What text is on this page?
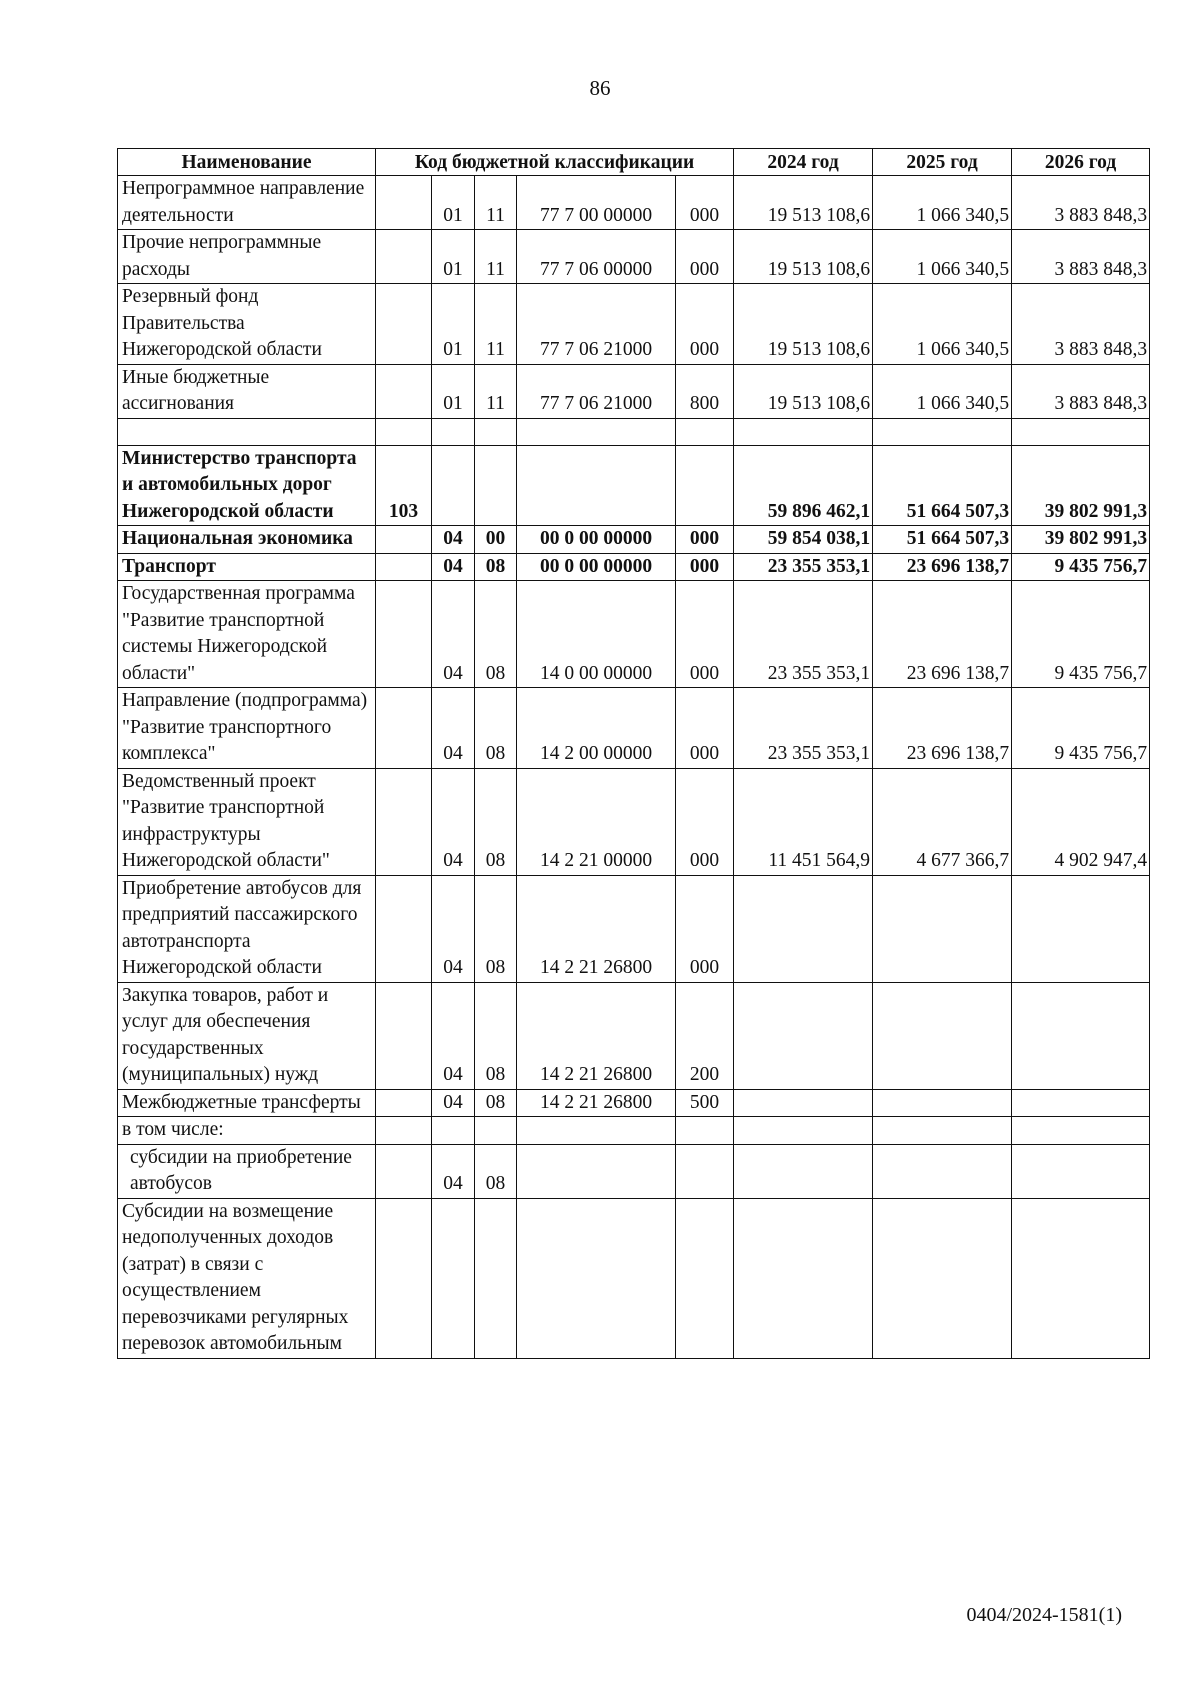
86
Наименование	Код бюджетной классификации					2024 год	2025 год	2026 год
Непрограммное направление деятельности		01	11	77 7 00 00000	000	19 513 108,6	1 066 340,5	3 883 848,3
Прочие непрограммные расходы		01	11	77 7 06 00000	000	19 513 108,6	1 066 340,5	3 883 848,3
Резервный фонд Правительства Нижегородской области		01	11	77 7 06 21000	000	19 513 108,6	1 066 340,5	3 883 848,3
Иные бюджетные ассигнования		01	11	77 7 06 21000	800	19 513 108,6	1 066 340,5	3 883 848,3

Министерство транспорта и автомобильных дорог Нижегородской области	103					59 896 462,1	51 664 507,3	39 802 991,3
Национальная экономика		04	00	00 0 00 00000	000	59 854 038,1	51 664 507,3	39 802 991,3
Транспорт		04	08	00 0 00 00000	000	23 355 353,1	23 696 138,7	9 435 756,7
Государственная программа "Развитие транспортной системы Нижегородской области"		04	08	14 0 00 00000	000	23 355 353,1	23 696 138,7	9 435 756,7
Направление (подпрограмма) "Развитие транспортного комплекса"		04	08	14 2 00 00000	000	23 355 353,1	23 696 138,7	9 435 756,7
Ведомственный проект "Развитие транспортной инфраструктуры Нижегородской области"		04	08	14 2 21 00000	000	11 451 564,9	4 677 366,7	4 902 947,4
Приобретение автобусов для предприятий пассажирского автотранспорта Нижегородской области		04	08	14 2 21 26800	000			
Закупка товаров, работ и услуг для обеспечения государственных (муниципальных) нужд		04	08	14 2 21 26800	200			
Межбюджетные трансферты		04	08	14 2 21 26800	500			
в том числе:								
субсидии на приобретение автобусов		04	08					
Субсидии на возмещение недополученных доходов (затрат) в связи с осуществлением перевозчиками регулярных перевозок автомобильным								
0404/2024-1581(1)
